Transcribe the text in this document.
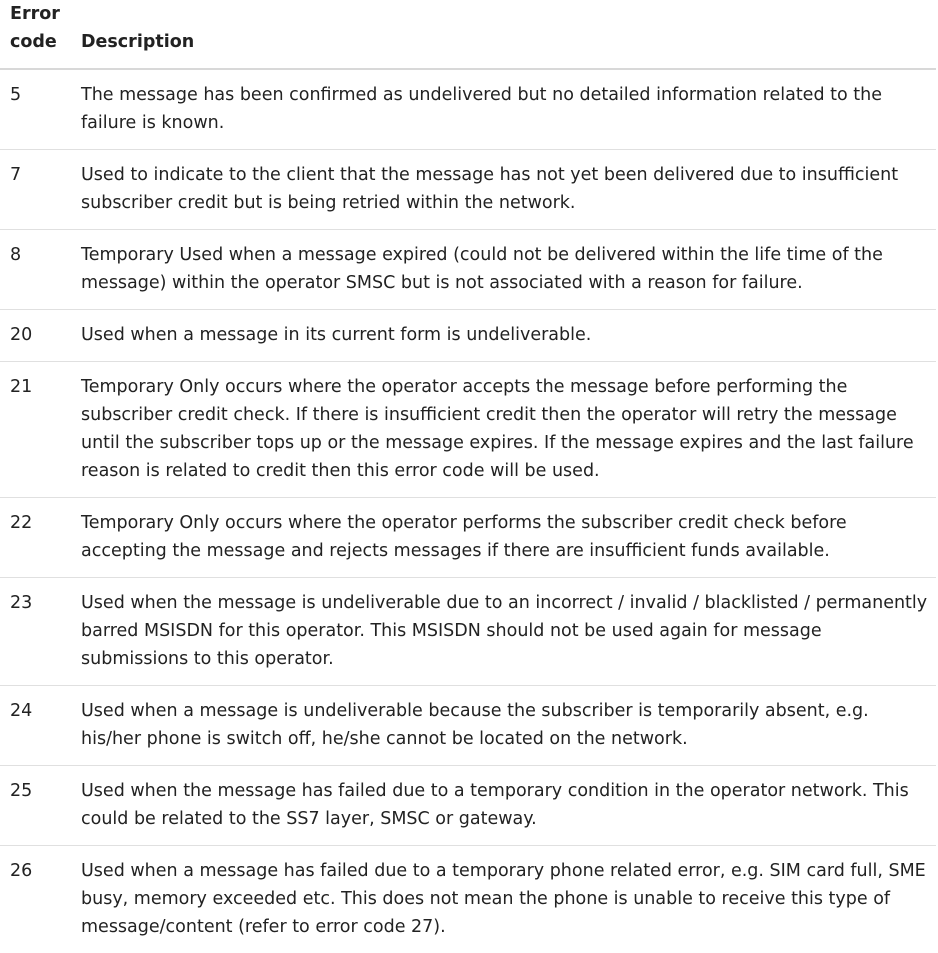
Error
code	Description
5	The message has been confirmed as undelivered but no detailed information related to the failure is known.
7	Used to indicate to the client that the message has not yet been delivered due to insufficient subscriber credit but is being retried within the network.
8	Temporary Used when a message expired (could not be delivered within the life time of the message) within the operator SMSC but is not associated with a reason for failure.
20	Used when a message in its current form is undeliverable.
21	Temporary Only occurs where the operator accepts the message before performing the subscriber credit check. If there is insufficient credit then the operator will retry the message until the subscriber tops up or the message expires. If the message expires and the last failure reason is related to credit then this error code will be used.
22	Temporary Only occurs where the operator performs the subscriber credit check before accepting the message and rejects messages if there are insufficient funds available.
23	Used when the message is undeliverable due to an incorrect / invalid / blacklisted / permanently barred MSISDN for this operator. This MSISDN should not be used again for message submissions to this operator.
24	Used when a message is undeliverable because the subscriber is temporarily absent, e.g. his/her phone is switch off, he/she cannot be located on the network.
25	Used when the message has failed due to a temporary condition in the operator network. This could be related to the SS7 layer, SMSC or gateway.
26	Used when a message has failed due to a temporary phone related error, e.g. SIM card full, SME busy, memory exceeded etc. This does not mean the phone is unable to receive this type of message/content (refer to error code 27).
